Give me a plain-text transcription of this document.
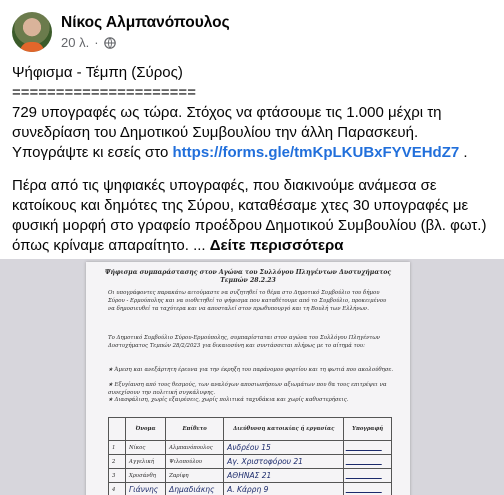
Νίκος Αλμπανόπουλος
20 λ. ·

Ψήφισμα - Τέμπη (Σύρος)

=====================

729 υπογραφές ως τώρα. Στόχος να φτάσουμε τις 1.000 μέχρι τη συνεδρίαση του Δημοτικού Συμβουλίου την άλλη Παρασκευή. Υπογράψτε κι εσείς στο https://forms.gle/tmKpLKUBxFYVEHdZ7 .

Πέρα από τις ψηφιακές υπογραφές, που διακινούμε ανάμεσα σε κατοίκους και δημότες της Σύρου, καταθέσαμε χτες 30 υπογραφές με φυσική μορφή στο γραφείο προέδρου Δημοτικού Συμβουλίου (βλ. φωτ.) όπως κρίναμε απαραίτητο. ... Δείτε περισσότερα

Ψήφισμα συμπαράστασης στον Αγώνα του Συλλόγου Πληγέντων Δυστυχήματος
Τεμπών 28.2.23
Οι υπογράφοντες παρακάτω αιτούμαστε να συζητηθεί το θέμα στο Δημοτικό Συμβούλιο του δήμου Σύρου - Ερμούπολης και να υιοθετηθεί το ψήφισμα που καταθέτουμε από το Συμβούλιο, προκειμένου να δημοσιευθεί τα ταχύτερα και να αποσταλεί στον πρωθυπουργό και τη Βουλή των Ελλήνων.
Το Δημοτικό Συμβούλιο Σύρου-Ερμούπολης, συμπαρίσταται στον αγώνα του Συλλόγου Πληγέντων Δυστυχήματος Τεμπών 28/2/2023 για δικαιοσύνη και συντάσσεται πλήρως με το αίτημά του:
★ Άμεση και ανεξάρτητη έρευνα για την έκρηξη του παράνομου φορτίου και τη φωτιά που ακολούθησε.
★ Εξυγίανση από τους θεσμούς, των αναλόγων αποσιωπήσεων αξιωμάτων που θα τους επιτρέψει να συνεχίσουν την πολιτική συγκάλυψης.
★ Διασφάλιση, χωρίς εξαιρέσεις, χωρίς πολιτικά ταχυδάκια και χωρίς καθυστερήσεις.
	Όνομα	Επίθετο	Διεύθυνση κατοικίας ή εργασίας	Υπογραφή
1	Νίκος	Αλμπανόπουλος	Ανδρέου 15	
2	Αγγελική	Ψιλοπούλου	Αγ. Χριστοφόρου 21	
3	Χρυσάνθη	Ζαρίφη	ΑΘΗΝΑΣ 21	
4	Γιάννης	Δημαδιάκης	Α. Κάρρη 9	
